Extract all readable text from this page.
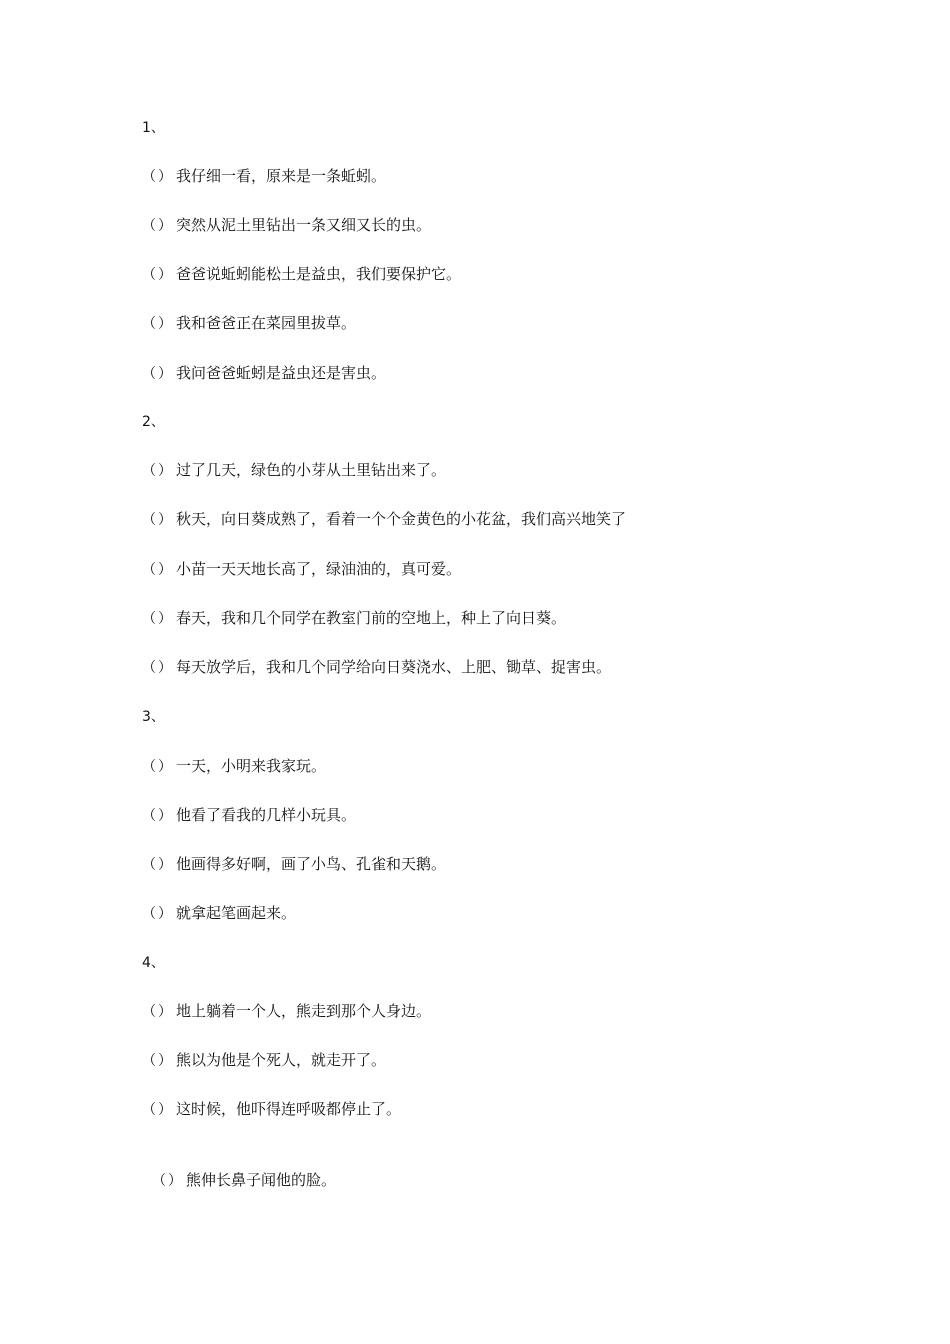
1、
（） 我仔细一看，原来是一条蚯蚓。
（） 突然从泥土里钻出一条又细又长的虫。
（） 爸爸说蚯蚓能松土是益虫，我们要保护它。
（） 我和爸爸正在菜园里拔草。
（） 我问爸爸蚯蚓是益虫还是害虫。
2、
（） 过了几天，绿色的小芽从土里钻出来了。
（） 秋天，向日葵成熟了，看着一个个金黄色的小花盆，我们高兴地笑了
（） 小苗一天天地长高了，绿油油的，真可爱。
（） 春天，我和几个同学在教室门前的空地上，种上了向日葵。
（） 每天放学后，我和几个同学给向日葵浇水、上肥、锄草、捉害虫。
3、
（） 一天，小明来我家玩。
（） 他看了看我的几样小玩具。
（） 他画得多好啊，画了小鸟、孔雀和天鹅。
（） 就拿起笔画起来。
4、
（） 地上躺着一个人，熊走到那个人身边。
（） 熊以为他是个死人，就走开了。
（） 这时候，他吓得连呼吸都停止了。
（） 熊伸长鼻子闻他的脸。
